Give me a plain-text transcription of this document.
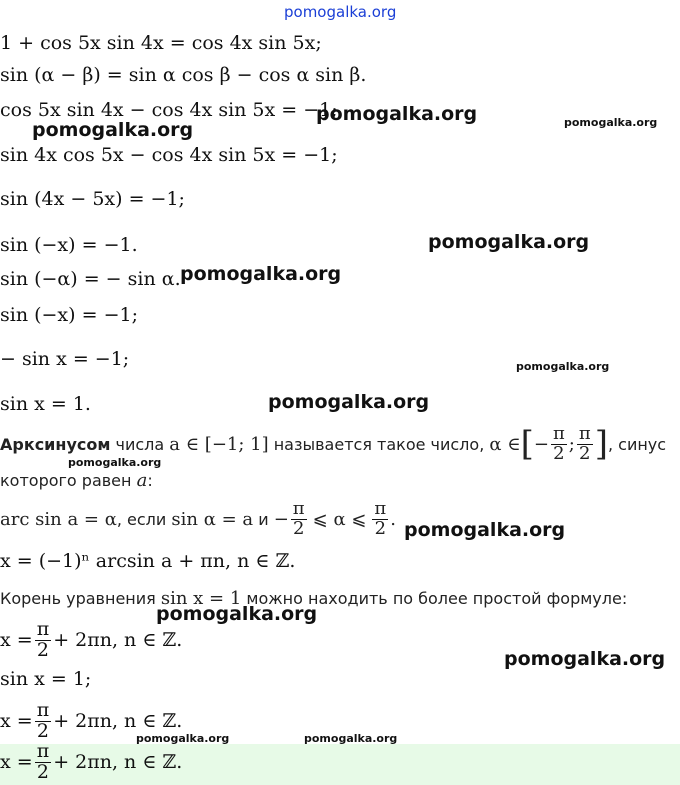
pomogalka.org
1 + cos 5x sin 4x = cos 4x sin 5x;
sin (α − β) = sin α cos β − cos α sin β.
cos 5x sin 4x − cos 4x sin 5x = −1;
sin 4x cos 5x − cos 4x sin 5x = −1;
sin (4x − 5x) = −1;
sin (−x) = −1.
sin (−α) = − sin α.
sin (−x) = −1;
− sin x = −1;
sin x = 1.
Арксинусом числа a ∈ [−1; 1] называется такое число, α ∈ [ − $\frac{\pi}{2}$ ; $\frac{\pi}{2}$ ] , синус
которого равен a:
arc sin a = α , если sin α = a $и - \frac{\pi}{2}$ ⩽ α ⩽ $\frac{\pi}{2}$ .
x = (−1)ⁿ arcsin a + πn, n ∈ ℤ.
Корень уравнения sin x = 1 можно находить по более простой формуле:
$x = \frac{\pi}{2} + 2\pi n$, n ∈ ℤ.
sin x = 1;
$x = \frac{\pi}{2} + 2\pi n$, n ∈ ℤ.
$x = \frac{\pi}{2} + 2\pi n$, n ∈ ℤ.
pomogalka.org
pomogalka.org	pomogalka.org
pomogalka.org
pomogalka.org
pomogalka.org
pomogalka.org
pomogalka.org
pomogalka.org
pomogalka.org
pomogalka.org
pomogalka.org	pomogalka.org
